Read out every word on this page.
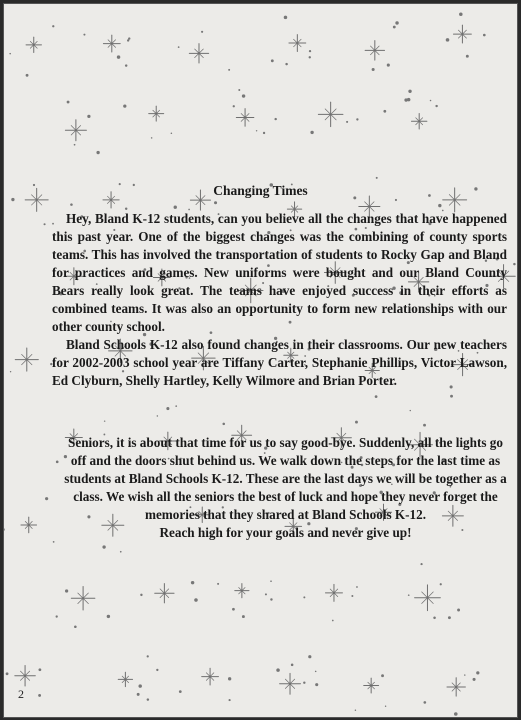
Changing Times

Hey, Bland K-12 students, can you believe all the changes that have happened this past year. One of the biggest changes was the combining of county sports teams. This has involved the transportation of students to Rocky Gap and Bland for practices and games. New uniforms were bought and our Bland County Bears really look great. The teams have enjoyed success in their efforts as combined teams. It was also an opportunity to form new relationships with our other county school.

Bland Schools K-12 also found changes in their classrooms. Our new teachers for 2002-2003 school year are Tiffany Carter, Stephanie Phillips, Victor Lawson, Ed Clyburn, Shelly Hartley, Kelly Wilmore and Brian Porter.

Seniors, it is about that time for us to say good-bye. Suddenly, all the lights go off and the doors shut behind us. We walk down the steps for the last time as students at Bland Schools K-12. These are the last days we will be together as a class. We wish all the seniors the best of luck and hope they never forget the memories that they shared at Bland Schools K-12.
Reach high for your goals and never give up!

2
